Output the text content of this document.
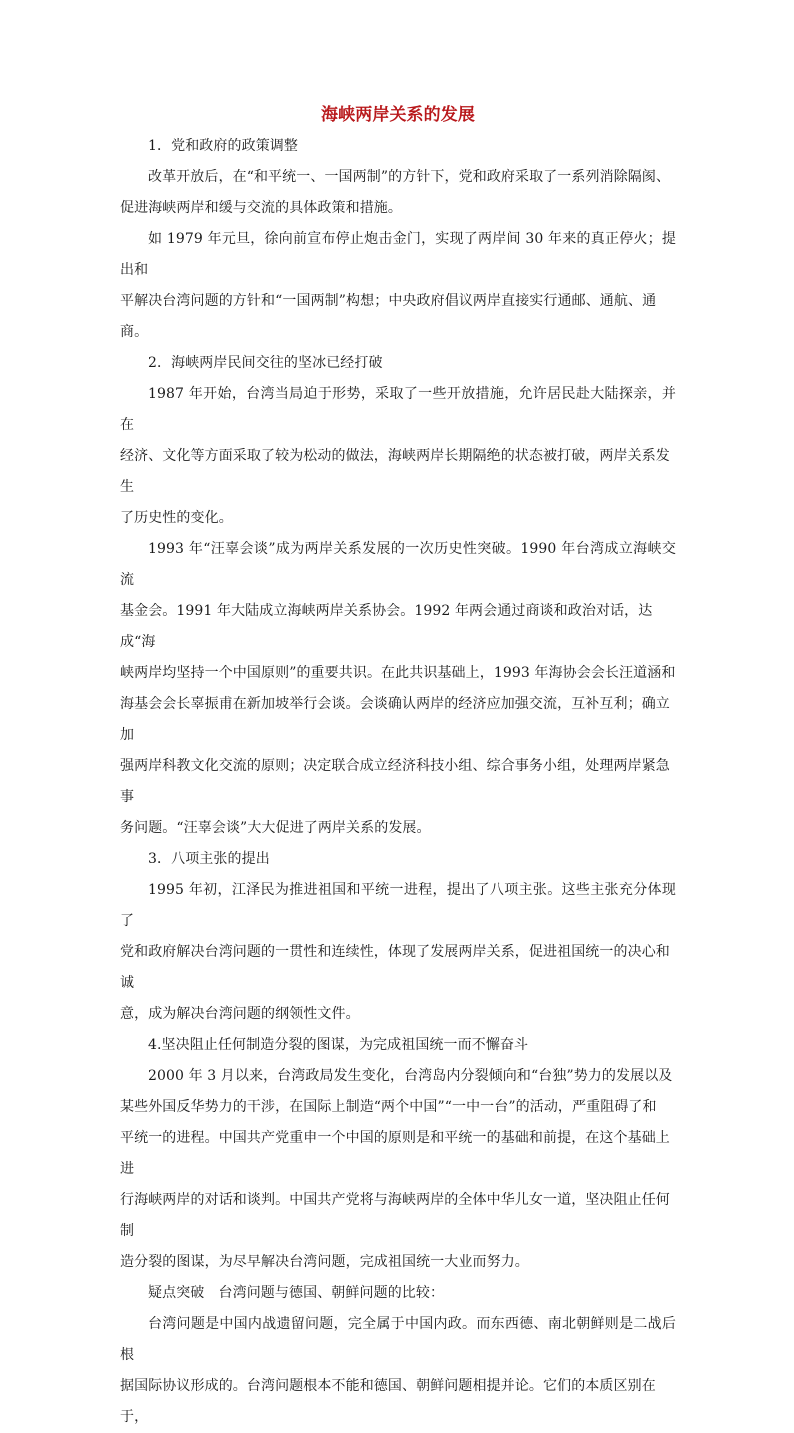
海峡两岸关系的发展
1．党和政府的政策调整
改革开放后，在“和平统一、一国两制”的方针下，党和政府采取了一系列消除隔阂、
促进海峡两岸和缓与交流的具体政策和措施。
如 1979 年元旦，徐向前宣布停止炮击金门，实现了两岸间 30 年来的真正停火；提出和
平解决台湾问题的方针和“一国两制”构想；中央政府倡议两岸直接实行通邮、通航、通商。
2．海峡两岸民间交往的坚冰已经打破
1987 年开始，台湾当局迫于形势，采取了一些开放措施，允许居民赴大陆探亲，并在
经济、文化等方面采取了较为松动的做法，海峡两岸长期隔绝的状态被打破，两岸关系发生
了历史性的变化。
1993 年“汪辜会谈”成为两岸关系发展的一次历史性突破。1990 年台湾成立海峡交流
基金会。1991 年大陆成立海峡两岸关系协会。1992 年两会通过商谈和政治对话，达成“海
峡两岸均坚持一个中国原则”的重要共识。在此共识基础上，1993 年海协会会长汪道涵和
海基会会长辜振甫在新加坡举行会谈。会谈确认两岸的经济应加强交流，互补互利；确立加
强两岸科教文化交流的原则；决定联合成立经济科技小组、综合事务小组，处理两岸紧急事
务问题。“汪辜会谈”大大促进了两岸关系的发展。
3．八项主张的提出
1995 年初，江泽民为推进祖国和平统一进程，提出了八项主张。这些主张充分体现了
党和政府解决台湾问题的一贯性和连续性，体现了发展两岸关系，促进祖国统一的决心和诚
意，成为解决台湾问题的纲领性文件。
4.坚决阻止任何制造分裂的图谋，为完成祖国统一而不懈奋斗
2000 年 3 月以来，台湾政局发生变化，台湾岛内分裂倾向和“台独”势力的发展以及
某些外国反华势力的干涉，在国际上制造“两个中国”“一中一台”的活动，严重阻碍了和
平统一的进程。中国共产党重申一个中国的原则是和平统一的基础和前提，在这个基础上进
行海峡两岸的对话和谈判。中国共产党将与海峡两岸的全体中华儿女一道，坚决阻止任何制
造分裂的图谋，为尽早解决台湾问题，完成祖国统一大业而努力。
疑点突破　台湾问题与德国、朝鲜问题的比较：
台湾问题是中国内战遗留问题，完全属于中国内政。而东西德、南北朝鲜则是二战后根
据国际协议形成的。台湾问题根本不能和德国、朝鲜问题相提并论。它们的本质区别在于，
